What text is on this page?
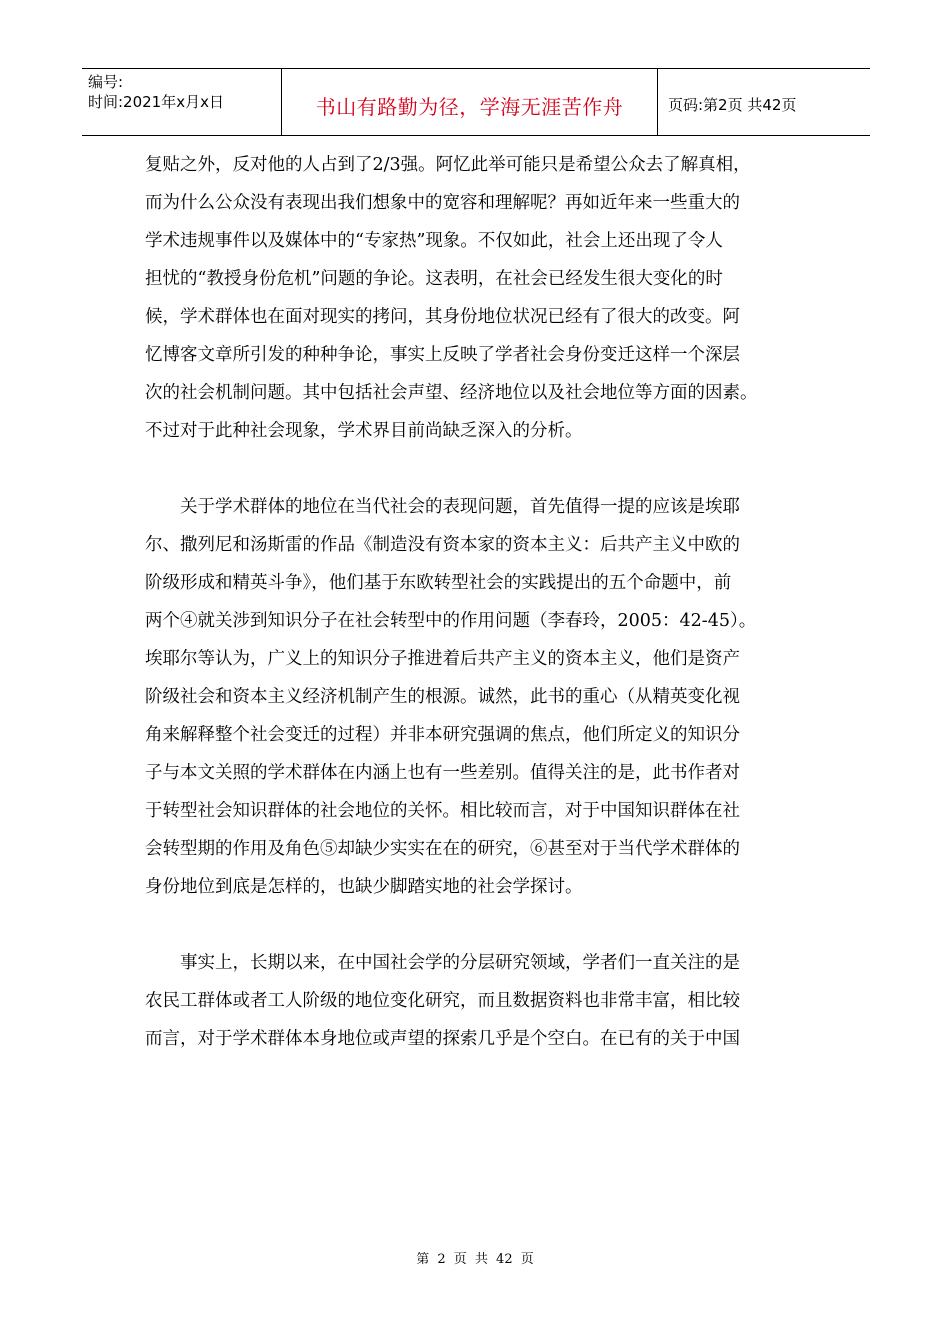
编号:
时间:2021年x月x日	书山有路勤为径，学海无涯苦作舟	页码:第2页 共42页
复贴之外，反对他的人占到了2/3强。阿忆此举可能只是希望公众去了解真相，
而为什么公众没有表现出我们想象中的宽容和理解呢？再如近年来一些重大的
学术违规事件以及媒体中的“专家热”现象。不仅如此，社会上还出现了令人
担忧的“教授身份危机”问题的争论。这表明，在社会已经发生很大变化的时
候，学术群体也在面对现实的拷问，其身份地位状况已经有了很大的改变。阿
忆博客文章所引发的种种争论，事实上反映了学者社会身份变迁这样一个深层
次的社会机制问题。其中包括社会声望、经济地位以及社会地位等方面的因素。
不过对于此种社会现象，学术界目前尚缺乏深入的分析。
　　关于学术群体的地位在当代社会的表现问题，首先值得一提的应该是埃耶
尔、撒列尼和汤斯雷的作品《制造没有资本家的资本主义：后共产主义中欧的
阶级形成和精英斗争》，他们基于东欧转型社会的实践提出的五个命题中，前
两个④就关涉到知识分子在社会转型中的作用问题（李春玲，2005：42-45）。
埃耶尔等认为，广义上的知识分子推进着后共产主义的资本主义，他们是资产
阶级社会和资本主义经济机制产生的根源。诚然，此书的重心（从精英变化视
角来解释整个社会变迁的过程）并非本研究强调的焦点，他们所定义的知识分
子与本文关照的学术群体在内涵上也有一些差别。值得关注的是，此书作者对
于转型社会知识群体的社会地位的关怀。相比较而言，对于中国知识群体在社
会转型期的作用及角色⑤却缺少实实在在的研究，⑥甚至对于当代学术群体的
身份地位到底是怎样的，也缺少脚踏实地的社会学探讨。
　　事实上，长期以来，在中国社会学的分层研究领域，学者们一直关注的是
农民工群体或者工人阶级的地位变化研究，而且数据资料也非常丰富，相比较
而言，对于学术群体本身地位或声望的探索几乎是个空白。在已有的关于中国
第 2 页 共 42 页
